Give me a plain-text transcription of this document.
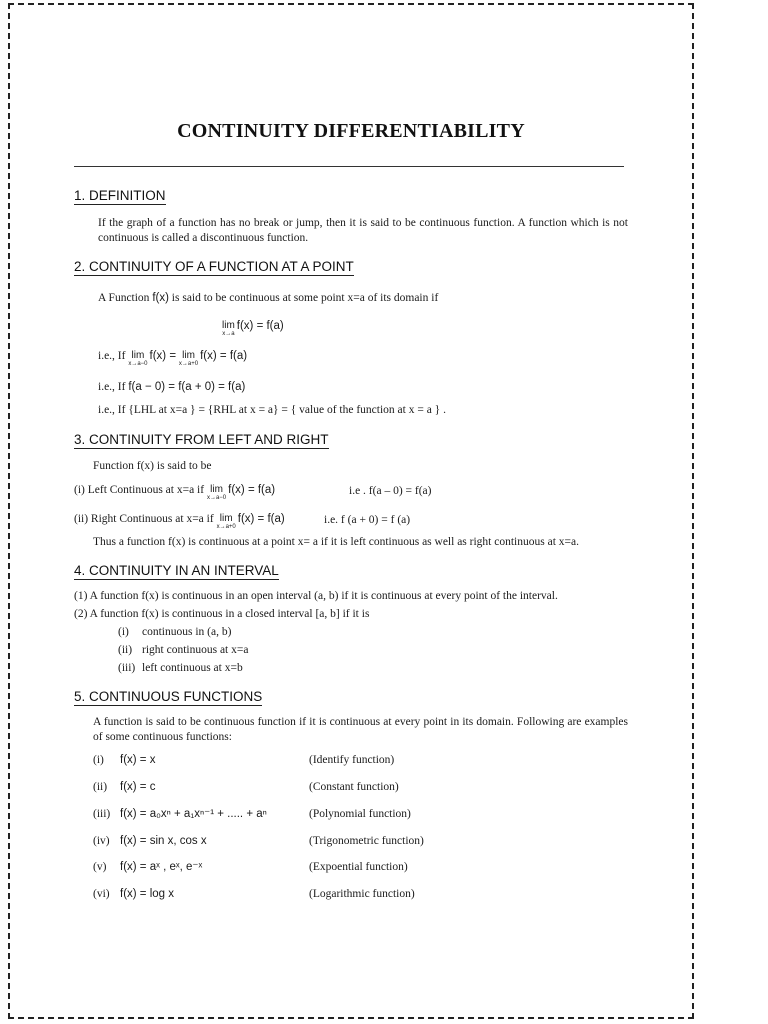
CONTINUITY DIFFERENTIABILITY
1. DEFINITION
If the graph of a function has no break or jump, then it is said to be continuous function. A function which is not continuous is called a discontinuous function.
2. CONTINUITY OF A FUNCTION AT A POINT
A Function f(x) is said to be continuous at some point x=a of its domain if
lim
x→a
f(x) = f(a)
i.e., If lim
x→a−0
f(x) = lim
x→a+0
f(x) = f(a)
i.e., If f(a − 0) = f(a + 0) = f(a)
i.e., If {LHL at x=a } = {RHL at x = a} = { value of the function at x = a } .
3. CONTINUITY FROM LEFT AND RIGHT
Function f(x) is said to be
(i) Left Continuous at x=a if lim
x→a−0
f(x) = f(a)	i.e . f(a – 0) = f(a)
(ii) Right Continuous at x=a if lim
x→a+0
f(x) = f(a)	i.e. f (a + 0) = f (a)
Thus a function f(x) is continuous at a point x= a if it is left continuous as well as right continuous at x=a.
4. CONTINUITY IN AN INTERVAL
(1) A function f(x) is continuous in an open interval (a, b) if it is continuous at every point of the interval.
(2) A function f(x) is continuous in a closed interval [a, b] if it is
(i) continuous in (a, b)
(ii) right continuous at x=a
(iii) left continuous at x=b
5. CONTINUOUS FUNCTIONS
A function is said to be continuous function if it is continuous at every point in its domain. Following are examples of some continuous functions:
(i) f(x) = x	(Identify function)
(ii) f(x) = c	(Constant function)
(iii) f(x) = a₀xⁿ + a₁xⁿ⁻¹ + ..... + aⁿ	(Polynomial function)
(iv) f(x) = sin x, cos x	(Trigonometric function)
(v) f(x) = aˣ , eˣ, e⁻ˣ	(Expoential function)
(vi) f(x) = log x	(Logarithmic function)
